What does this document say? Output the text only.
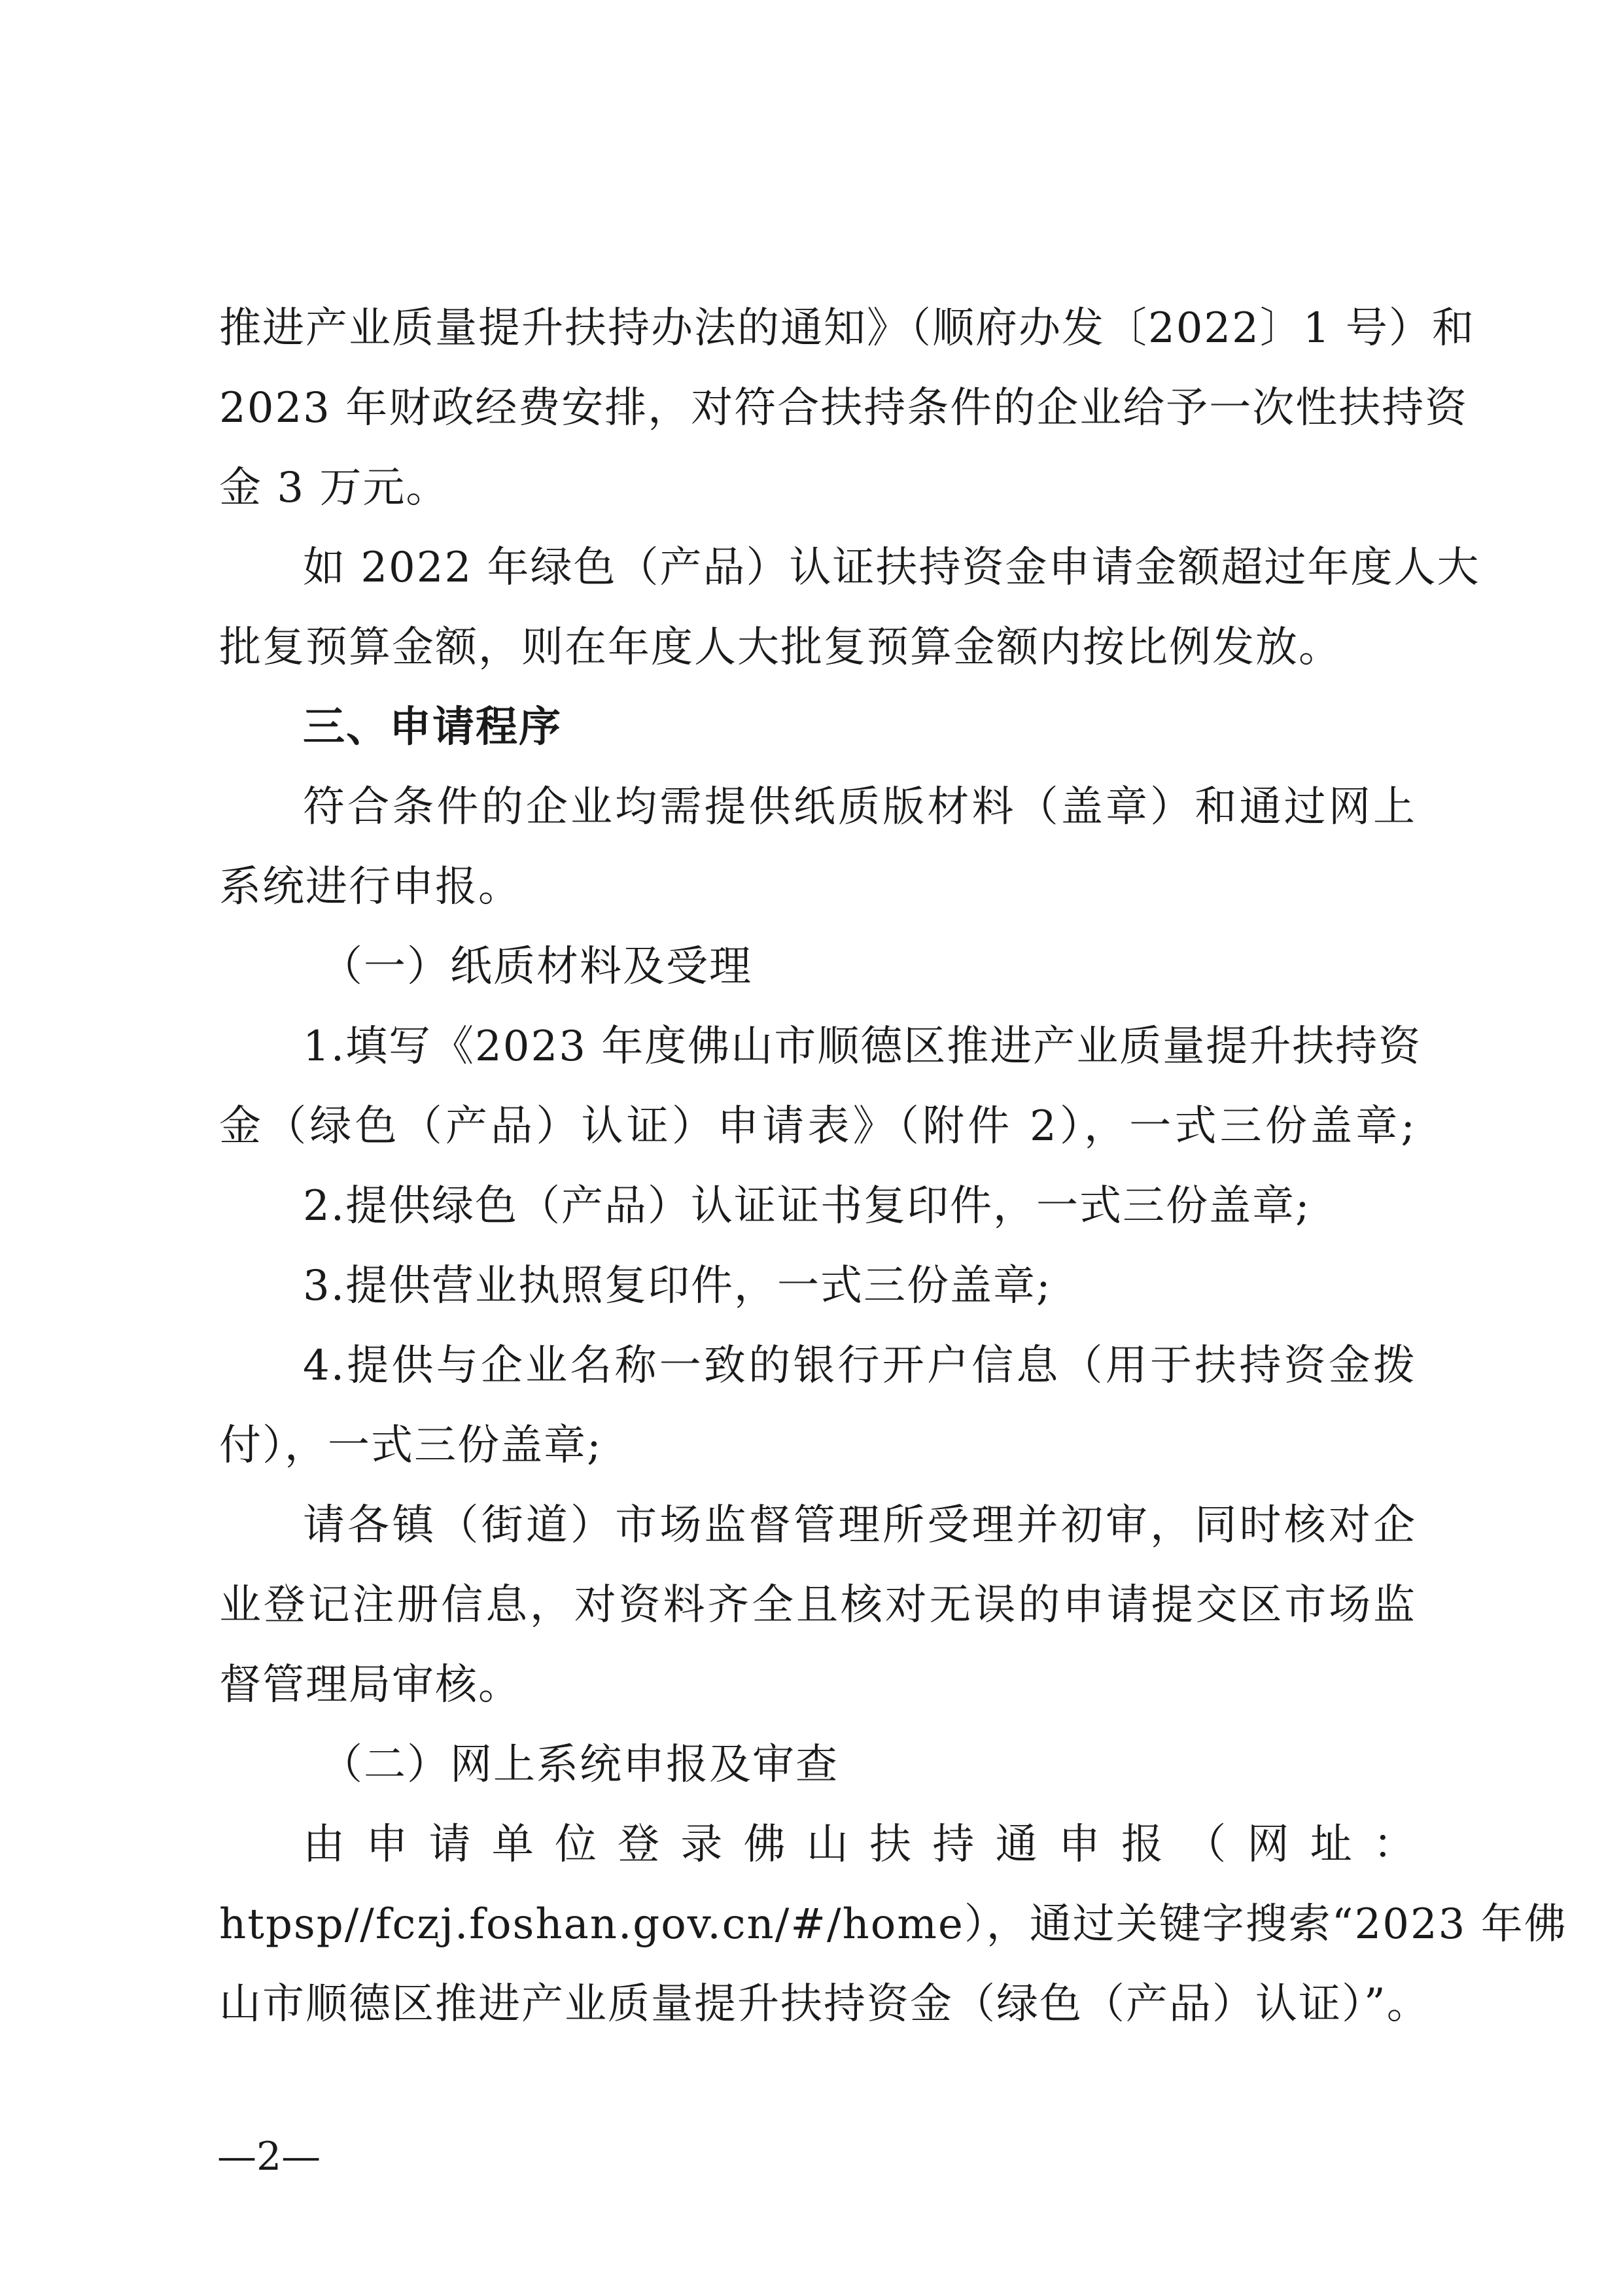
推进产业质量提升扶持办法的通知》（顺府办发〔2022〕1 号）和
2023 年财政经费安排，对符合扶持条件的企业给予一次性扶持资
金 3 万元。
如 2022 年绿色（产品）认证扶持资金申请金额超过年度人大
批复预算金额，则在年度人大批复预算金额内按比例发放。
三、申请程序
符合条件的企业均需提供纸质版材料（盖章）和通过网上
系统进行申报。
（一）纸质材料及受理
1.填写《2023 年度佛山市顺德区推进产业质量提升扶持资
金（绿色（产品）认证）申请表》（附件 2），一式三份盖章;
2.提供绿色（产品）认证证书复印件，一式三份盖章;
3.提供营业执照复印件，一式三份盖章;
4.提供与企业名称一致的银行开户信息（用于扶持资金拨
付），一式三份盖章;
请各镇（街道）市场监督管理所受理并初审，同时核对企
业登记注册信息，对资料齐全且核对无误的申请提交区市场监
督管理局审核。
（二）网上系统申报及审查
由申请单位登录佛山扶持通申报（网址：
htpsp//fczj.foshan.gov.cn/#/home），通过关键字搜索“2023 年佛
山市顺德区推进产业质量提升扶持资金（绿色（产品）认证）”。
—2—
